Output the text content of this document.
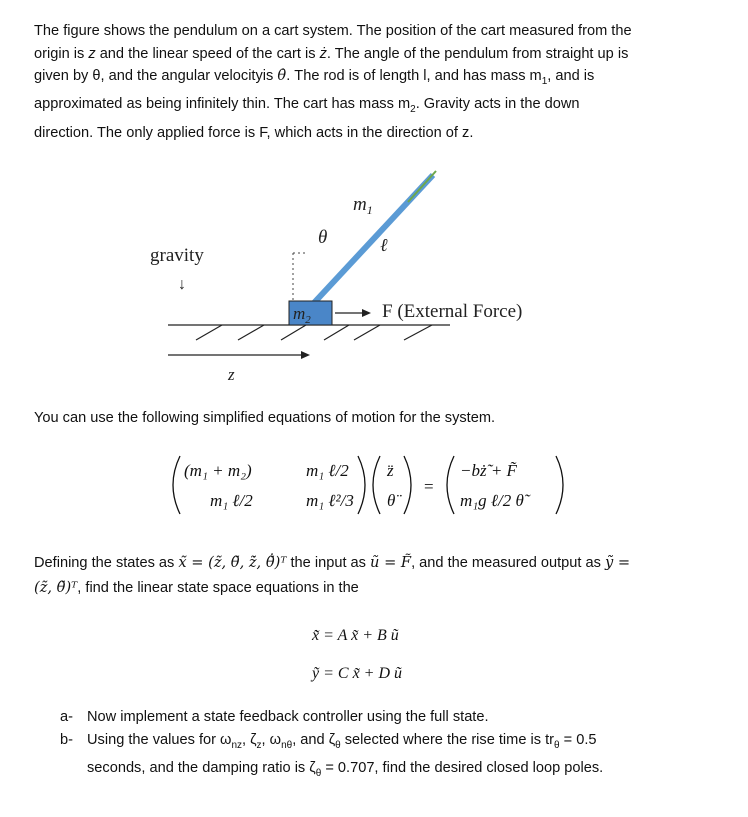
The figure shows the pendulum on a cart system. The position of the cart measured from the
origin is z and the linear speed of the cart is ż. The angle of the pendulum from straight up is
given by θ, and the angular velocityis θ̇. The rod is of length l, and has mass $m_1$, and is
approximated as being infinitely thin. The cart has mass $m_2$. Gravity acts in the down
direction. The only applied force is F, which acts in the direction of z.
gravity
↓
θ
$m_1$
ℓ
$m_2$	F (External Force)
z
You can use the following simplified equations of motion for the system.
(m₁ + m₂)	m₁ ℓ/2
m₁ ℓ/2	m₁ ℓ²/3
z̈
θ̈
=
−bż̃ + F̃
m₁g ℓ/2 θ̃
Defining the states as x̃ = (z̃, θ̃, ż̃, θ̃̇)ᵀ the input as ũ = F̃, and the measured output as ỹ =
(z̃, θ̃)ᵀ, find the linear state space equations in the
x̃̇ = A x̃ + B ũ
ỹ = C x̃ + D ũ
a- Now implement a state feedback controller using the full state.
b- Using the values for $\omega_{nz}$, $\zeta_z$, $\omega_{n\theta}$, and $\zeta_\theta$ selected where the rise time is $tr_\theta = 0.5$
seconds, and the damping ratio is $\zeta_\theta = 0.707$, find the desired closed loop poles.
